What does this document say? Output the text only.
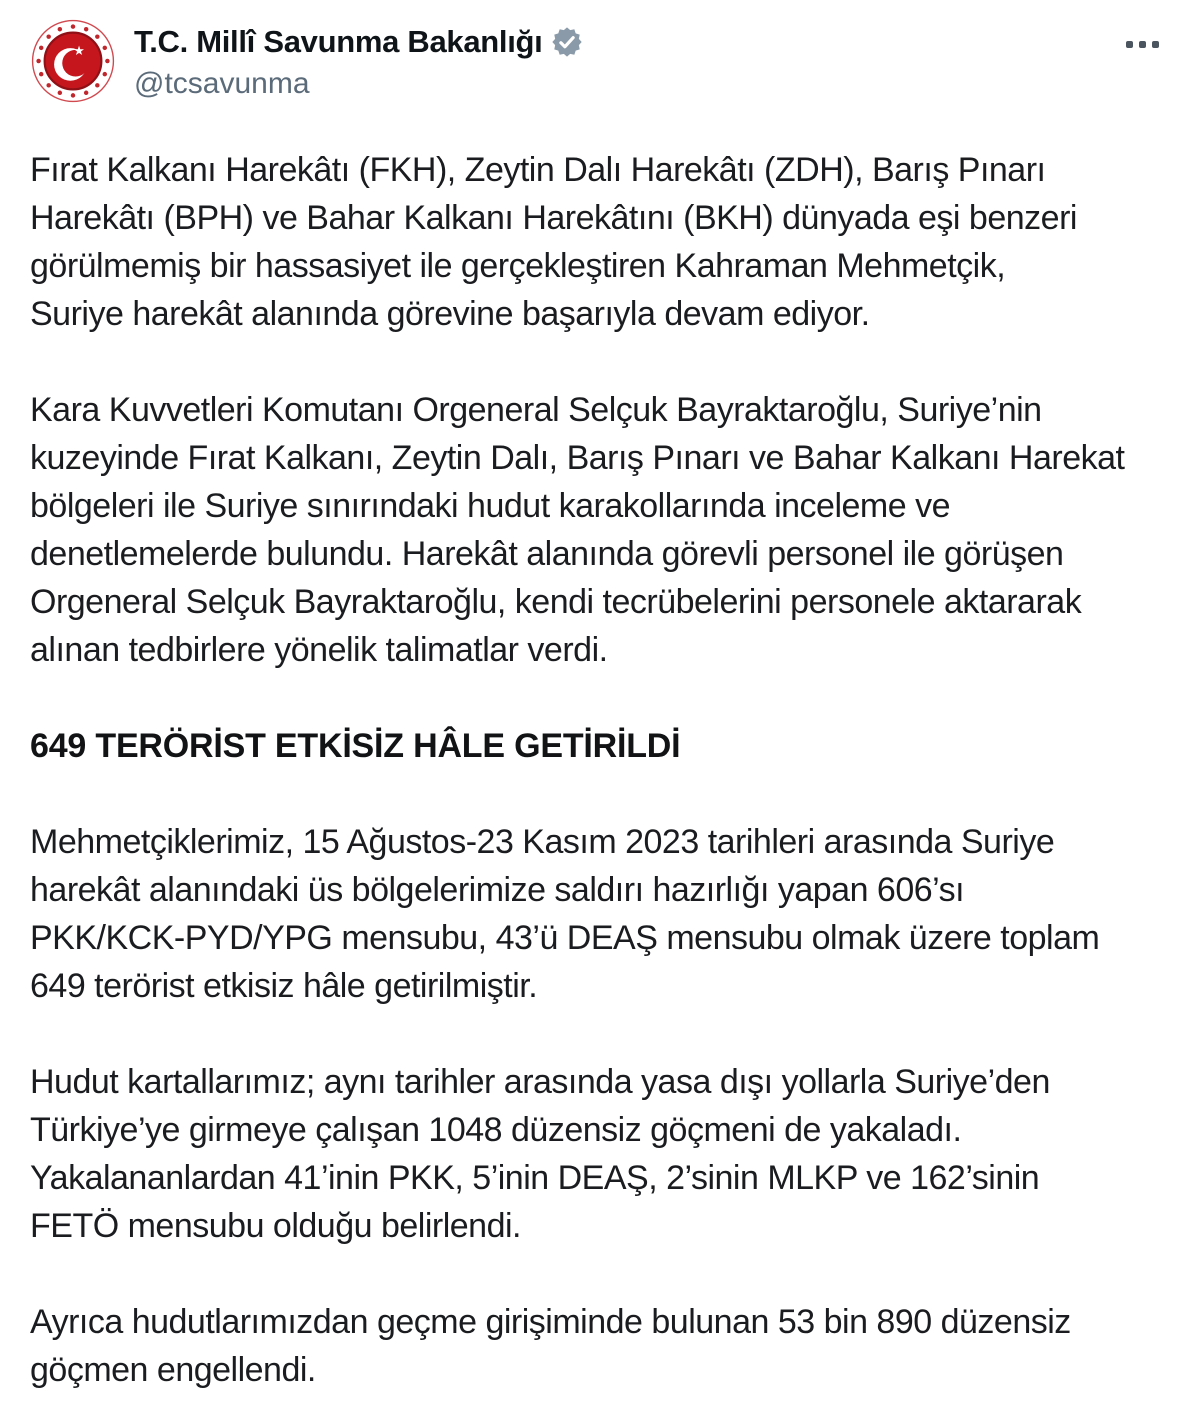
★ T.C. Millî Savunma Bakanlığı
@tcsavunma

Fırat Kalkanı Harekâtı (FKH), Zeytin Dalı Harekâtı (ZDH), Barış Pınarı
Harekâtı (BPH) ve Bahar Kalkanı Harekâtını (BKH) dünyada eşi benzeri
görülmemiş bir hassasiyet ile gerçekleştiren Kahraman Mehmetçik,
Suriye harekât alanında görevine başarıyla devam ediyor.

Kara Kuvvetleri Komutanı Orgeneral Selçuk Bayraktaroğlu, Suriye’nin
kuzeyinde Fırat Kalkanı, Zeytin Dalı, Barış Pınarı ve Bahar Kalkanı Harekat
bölgeleri ile Suriye sınırındaki hudut karakollarında inceleme ve
denetlemelerde bulundu. Harekât alanında görevli personel ile görüşen
Orgeneral Selçuk Bayraktaroğlu, kendi tecrübelerini personele aktararak
alınan tedbirlere yönelik talimatlar verdi.

649 TERÖRİST ETKİSİZ HÂLE GETİRİLDİ

Mehmetçiklerimiz, 15 Ağustos-23 Kasım 2023 tarihleri arasında Suriye
harekât alanındaki üs bölgelerimize saldırı hazırlığı yapan 606’sı
PKK/KCK-PYD/YPG mensubu, 43’ü DEAŞ mensubu olmak üzere toplam
649 terörist etkisiz hâle getirilmiştir.

Hudut kartallarımız; aynı tarihler arasında yasa dışı yollarla Suriye’den
Türkiye’ye girmeye çalışan 1048 düzensiz göçmeni de yakaladı.
Yakalananlardan 41’inin PKK, 5’inin DEAŞ, 2’sinin MLKP ve 162’sinin
FETÖ mensubu olduğu belirlendi.

Ayrıca hudutlarımızdan geçme girişiminde bulunan 53 bin 890 düzensiz
göçmen engellendi.
